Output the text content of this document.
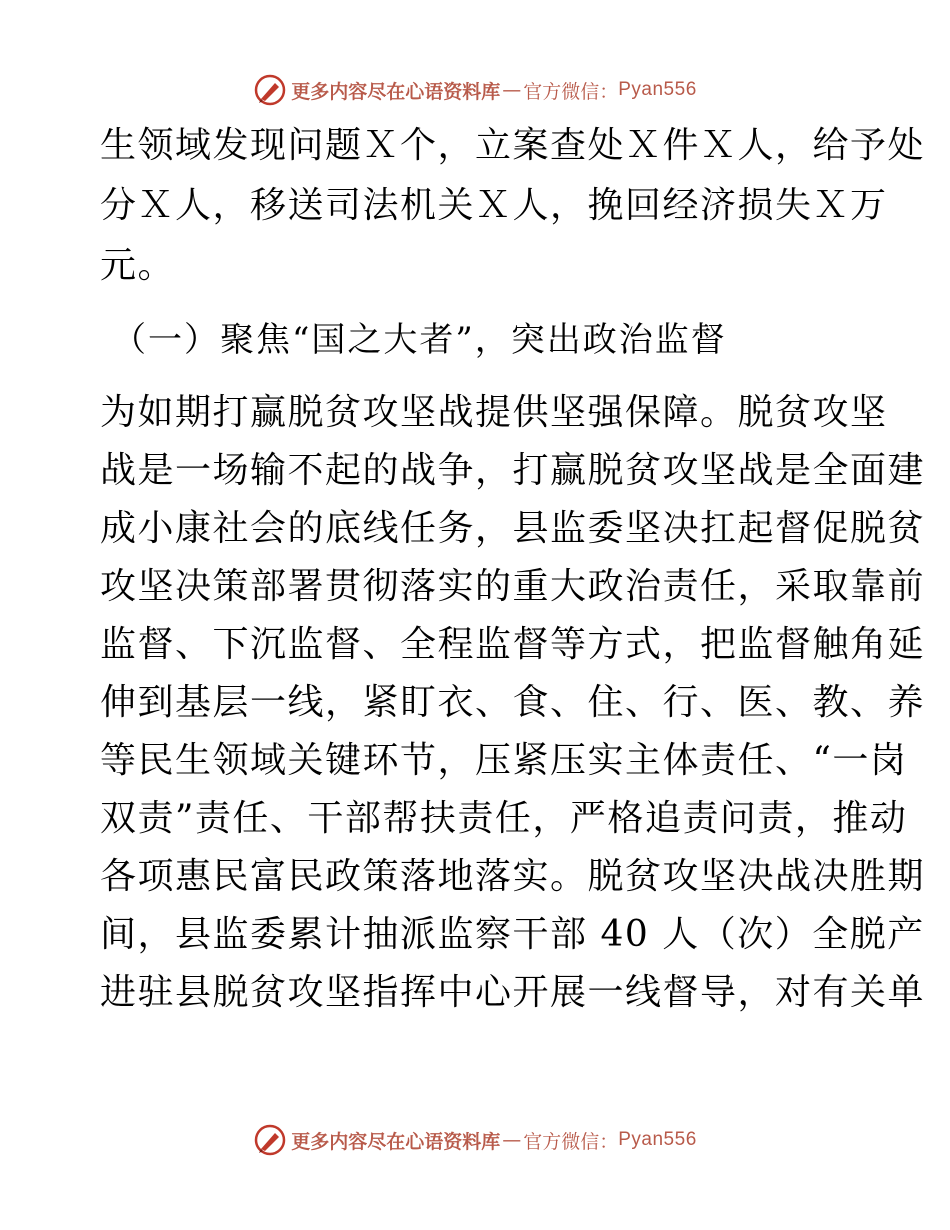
更多内容尽在心语资料库 — 官方微信： Pyan556
生领域发现问题Ｘ个，立案查处Ｘ件Ｘ人，给予处
分Ｘ人，移送司法机关Ｘ人，挽回经济损失Ｘ万
元。
（一）聚焦“国之大者”，突出政治监督
为如期打赢脱贫攻坚战提供坚强保障。脱贫攻坚
战是一场输不起的战争，打赢脱贫攻坚战是全面建
成小康社会的底线任务，县监委坚决扛起督促脱贫
攻坚决策部署贯彻落实的重大政治责任，采取靠前
监督、下沉监督、全程监督等方式，把监督触角延
伸到基层一线，紧盯衣、食、住、行、医、教、养
等民生领域关键环节，压紧压实主体责任、“一岗
双责”责任、干部帮扶责任，严格追责问责，推动
各项惠民富民政策落地落实。脱贫攻坚决战决胜期
间，县监委累计抽派监察干部 40 人（次）全脱产
进驻县脱贫攻坚指挥中心开展一线督导，对有关单
更多内容尽在心语资料库 — 官方微信： Pyan556
